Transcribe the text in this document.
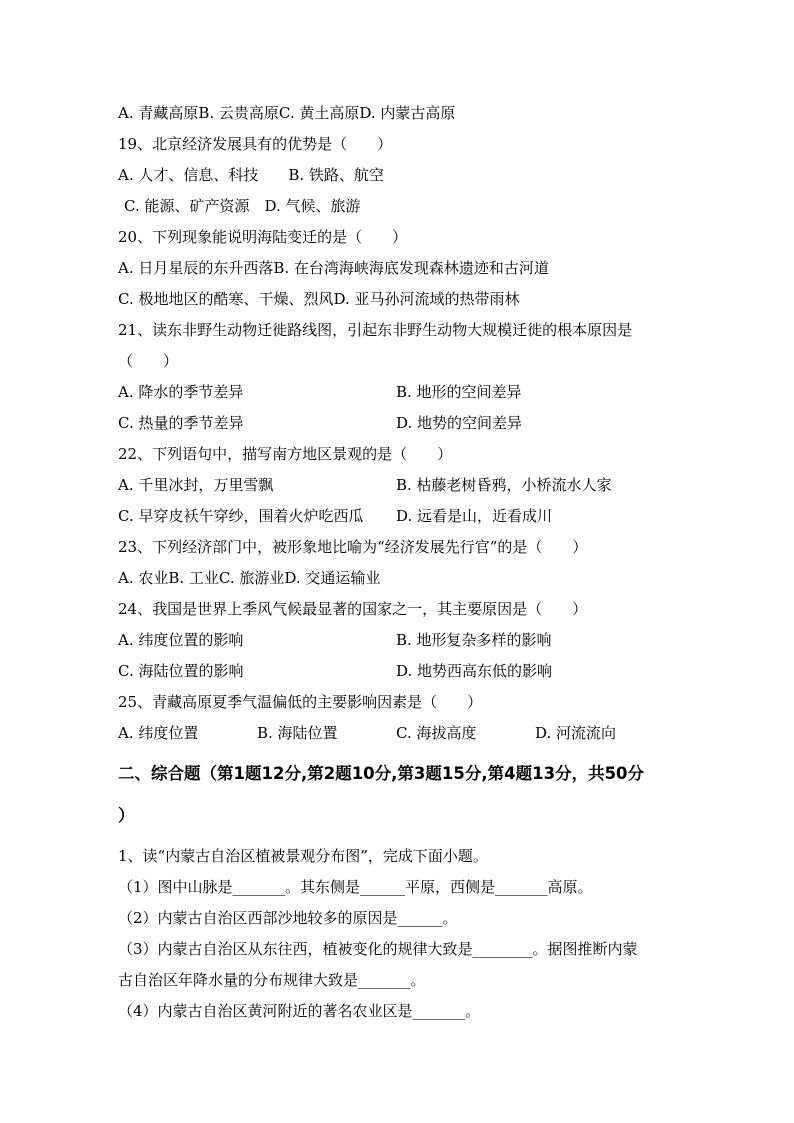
A. 青藏高原B. 云贵高原C. 黄土高原D. 内蒙古高原
19、北京经济发展具有的优势是（　　）
A. 人才、信息、科技　　B. 铁路、航空
C. 能源、矿产资源　D. 气候、旅游
20、下列现象能说明海陆变迁的是（　　）
A. 日月星辰的东升西落B. 在台湾海峡海底发现森林遗迹和古河道
C. 极地地区的酷寒、干燥、烈风D. 亚马孙河流域的热带雨林
21、读东非野生动物迁徙路线图，引起东非野生动物大规模迁徙的根本原因是
（　　）
A. 降水的季节差异	B. 地形的空间差异
C. 热量的季节差异	D. 地势的空间差异
22、下列语句中，描写南方地区景观的是（　　）
A. 千里冰封，万里雪飘	B. 枯藤老树昏鸦，小桥流水人家
C. 早穿皮袄午穿纱，围着火炉吃西瓜	D. 远看是山，近看成川
23、下列经济部门中，被形象地比喻为“经济发展先行官”的是（　　）
A. 农业B. 工业C. 旅游业D. 交通运输业
24、我国是世界上季风气候最显著的国家之一，其主要原因是（　　）
A. 纬度位置的影响	B. 地形复杂多样的影响
C. 海陆位置的影响	D. 地势西高东低的影响
25、青藏高原夏季气温偏低的主要影响因素是（　　）
A. 纬度位置	B. 海陆位置	C. 海拔高度	D. 河流流向
二、综合题（第1题12分,第2题10分,第3题15分,第4题13分，共50分
）
1、读“内蒙古自治区植被景观分布图”，完成下面小题。
（1）图中山脉是_______。其东侧是______平原，西侧是_______高原。
（2）内蒙古自治区西部沙地较多的原因是______。
（3）内蒙古自治区从东往西，植被变化的规律大致是________。据图推断内蒙
古自治区年降水量的分布规律大致是_______。
（4）内蒙古自治区黄河附近的著名农业区是_______。
